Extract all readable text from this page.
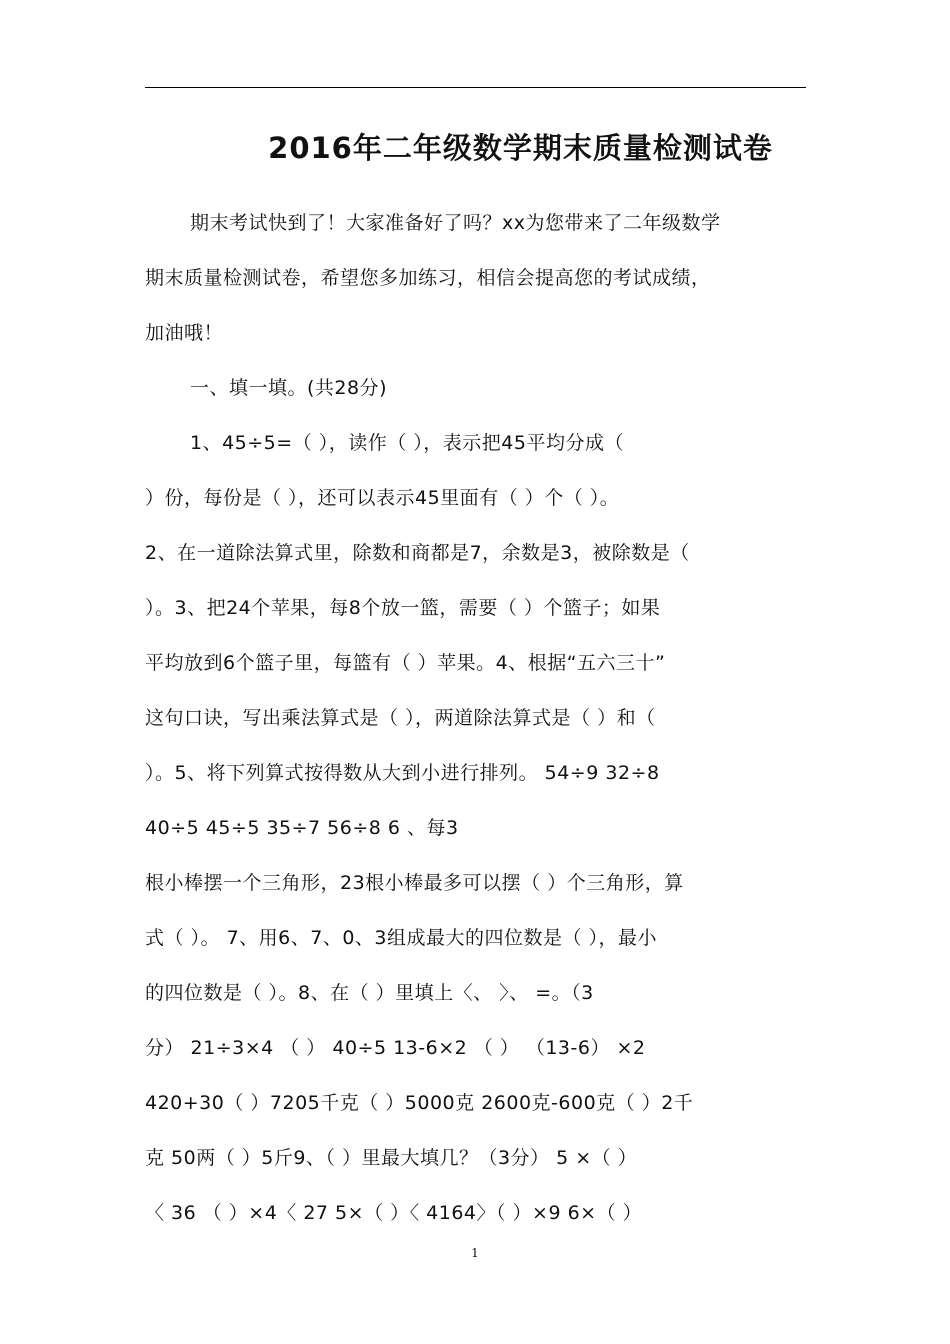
2016年二年级数学期末质量检测试卷
期末考试快到了！大家准备好了吗？xx为您带来了二年级数学
期末质量检测试卷，希望您多加练习，相信会提高您的考试成绩，
加油哦！
一、填一填。(共28分)
1、45÷5=（ ），读作（ ），表示把45平均分成（
）份，每份是（ ），还可以表示45里面有（ ）个（ ）。
2、在一道除法算式里，除数和商都是7，余数是3，被除数是（
）。3、把24个苹果，每8个放一篮，需要（ ）个篮子；如果
平均放到6个篮子里，每篮有（ ）苹果。4、根据“五六三十”
这句口诀，写出乘法算式是（ ），两道除法算式是（ ）和（
）。5、将下列算式按得数从大到小进行排列。 54÷9 32÷8
40÷5 45÷5 35÷7 56÷8 6 、每3
根小棒摆一个三角形，23根小棒最多可以摆（ ）个三角形，算
式（ ）。 7、用6、7、0、3组成最大的四位数是（ ），最小
的四位数是（ ）。8、在（ ）里填上〈、 〉、 =。（3
分） 21÷3×4 （ ） 40÷5 13-6×2 （ ） （13-6） ×2
420+30（ ）7205千克（ ）5000克 2600克-600克（ ）2千
克 50两（ ）5斤9、（ ）里最大填几？（3分） 5 ×（ ）
〈 36 （ ）×4〈 27 5×（ ）〈 4164〉（ ）×9 6×（ ）
1
